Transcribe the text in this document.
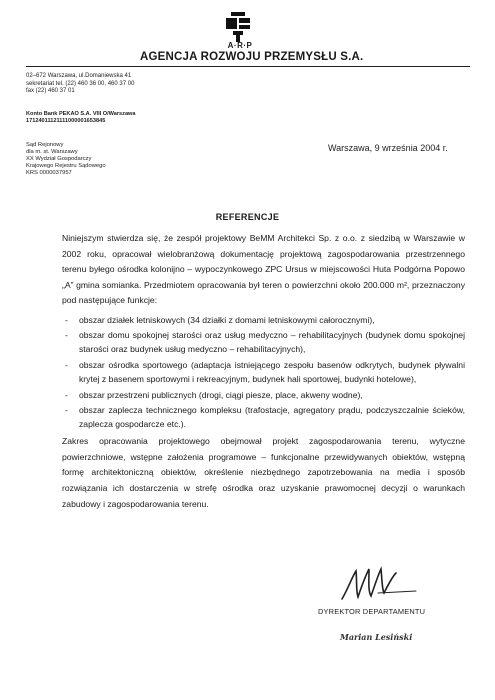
A·R·P
AGENCJA ROZWOJU PRZEMYSŁU S.A.
02–672 Warszawa, ul.Domaniewska 41
sekretariat tel. (22) 460 36 00, 460 37 00
fax (22) 460 37 01
Konto Bank PEKAO S.A. VIII O/Warszawa
17124011121111000001653845
Sąd Rejonowy
dla m. st. Warszawy
XX Wydział Gospodarczy
Krajowego Rejestru Sądowego
KRS 0000037957
Warszawa, 9 września 2004 r.
REFERENCJE

Niniejszym stwierdza się, że zespół projektowy BeMM Architekci Sp. z o.o. z siedzibą w Warszawie w 2002 roku, opracował wielobranżową dokumentację projektową zagospodarowania przestrzennego terenu byłego ośrodka kolonijno – wypoczynkowego ZPC Ursus w miejscowości Huta Podgórna Popowo „A” gmina somianka. Przedmiotem opracowania był teren o powierzchni około 200.000 m², przeznaczony pod następujące funkcje:

- obszar działek letniskowych (34 działki z domami letniskowymi całorocznymi),
- obszar domu spokojnej starości oraz usług medyczno – rehabilitacyjnych (budynek domu spokojnej starości oraz budynek usług medyczno – rehabilitacyjnych),
- obszar ośrodka sportowego (adaptacja istniejącego zespołu basenów odkrytych, budynek pływalni krytej z basenem sportowymi i rekreacyjnym, budynek hali sportowej, budynki hotelowe),
- obszar przestrzeni publicznych (drogi, ciągi piesze, place, akweny wodne),
- obszar zaplecza technicznego kompleksu (trafostacje, agregatory prądu, podczyszczalnie ścieków, zaplecza gospodarcze etc.).

Zakres opracowania projektowego obejmował projekt zagospodarowania terenu, wytyczne powierzchniowe, wstępne założenia programowe – funkcjonalne przewidywanych obiektów, wstępną formę architektoniczną obiektów, określenie niezbędnego zapotrzebowania na media i sposób rozwiązania ich dostarczenia w strefę ośrodka oraz uzyskanie prawomocnej decyzji o warunkach zabudowy i zagospodarowania terenu.

DYREKTOR DEPARTAMENTU
Marian Lesiński
